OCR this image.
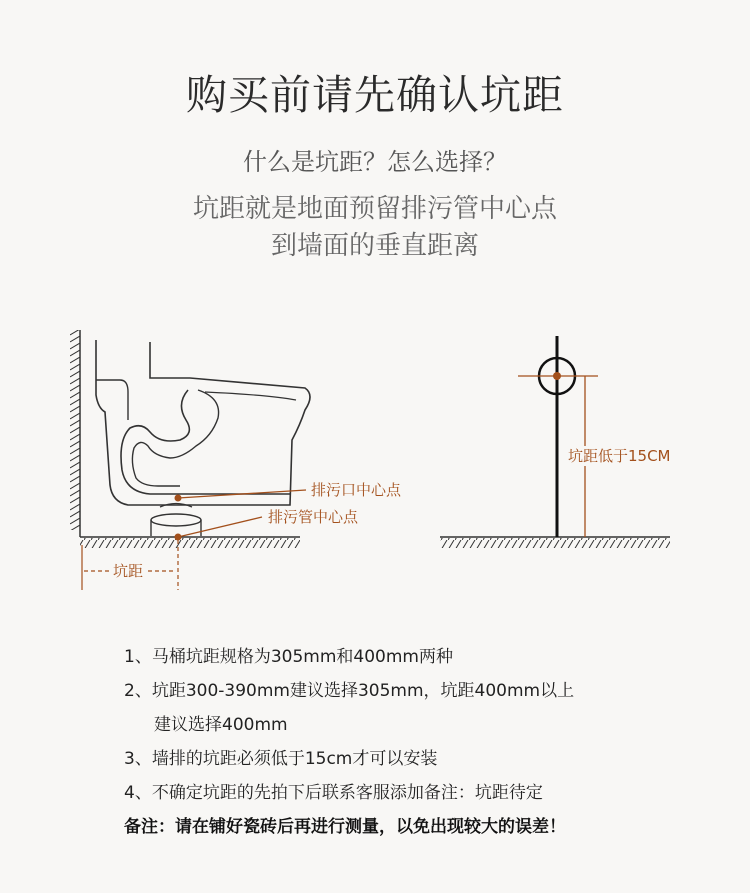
购买前请先确认坑距
什么是坑距？怎么选择？
坑距就是地面预留排污管中心点
到墙面的垂直距离
排污口中心点
排污管中心点
坑距
坑距低于15CM
1、马桶坑距规格为305mm和400mm两种
2、坑距300-390mm建议选择305mm，坑距400mm以上
建议选择400mm
3、墙排的坑距必须低于15cm才可以安装
4、不确定坑距的先拍下后联系客服添加备注：坑距待定
备注：请在铺好瓷砖后再进行测量，以免出现较大的误差！
